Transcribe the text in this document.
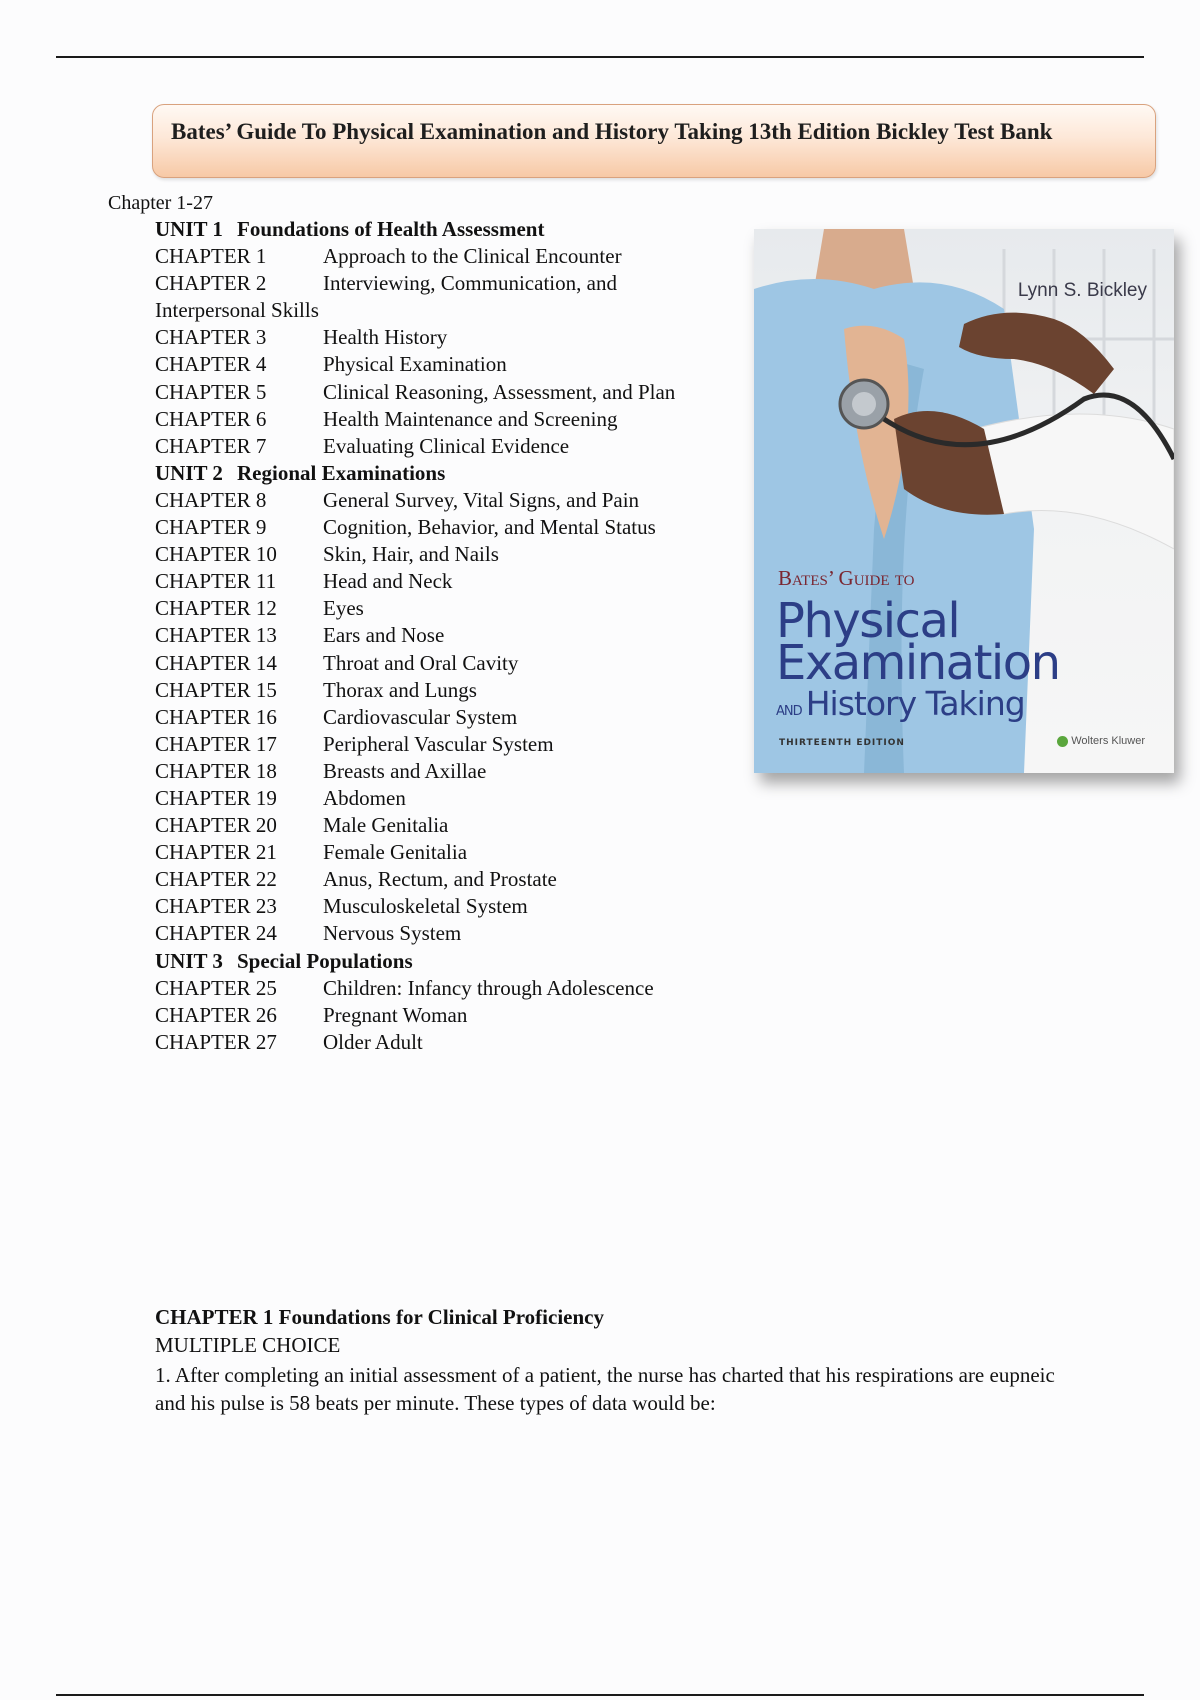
Bates’ Guide To Physical Examination and History Taking 13th Edition Bickley Test Bank
Chapter 1-27
UNIT 1 Foundations of Health Assessment
CHAPTER 1	Approach to the Clinical Encounter
CHAPTER 2	Interviewing, Communication, and
Interpersonal Skills
CHAPTER 3	Health History
CHAPTER 4	Physical Examination
CHAPTER 5	Clinical Reasoning, Assessment, and Plan
CHAPTER 6	Health Maintenance and Screening
CHAPTER 7	Evaluating Clinical Evidence
UNIT 2 Regional Examinations
CHAPTER 8	General Survey, Vital Signs, and Pain
CHAPTER 9	Cognition, Behavior, and Mental Status
CHAPTER 10 Skin, Hair, and Nails
CHAPTER 11 Head and Neck
CHAPTER 12 Eyes
CHAPTER 13 Ears and Nose
CHAPTER 14 Throat and Oral Cavity
CHAPTER 15 Thorax and Lungs
CHAPTER 16 Cardiovascular System
CHAPTER 17 Peripheral Vascular System
CHAPTER 18 Breasts and Axillae
CHAPTER 19 Abdomen
CHAPTER 20 Male Genitalia
CHAPTER 21 Female Genitalia
CHAPTER 22 Anus, Rectum, and Prostate
CHAPTER 23 Musculoskeletal System
CHAPTER 24 Nervous System
UNIT 3 Special Populations
CHAPTER 25 Children: Infancy through Adolescence
CHAPTER 26 Pregnant Woman
CHAPTER 27 Older Adult
Lynn S. Bickley
Bates’ Guide to
Physical
Examination
and History Taking
THIRTEENTH EDITION	Wolters Kluwer
CHAPTER 1 Foundations for Clinical Proficiency
MULTIPLE CHOICE
1. After completing an initial assessment of a patient, the nurse has charted that his respirations are eupneic and his pulse is 58 beats per minute. These types of data would be:
